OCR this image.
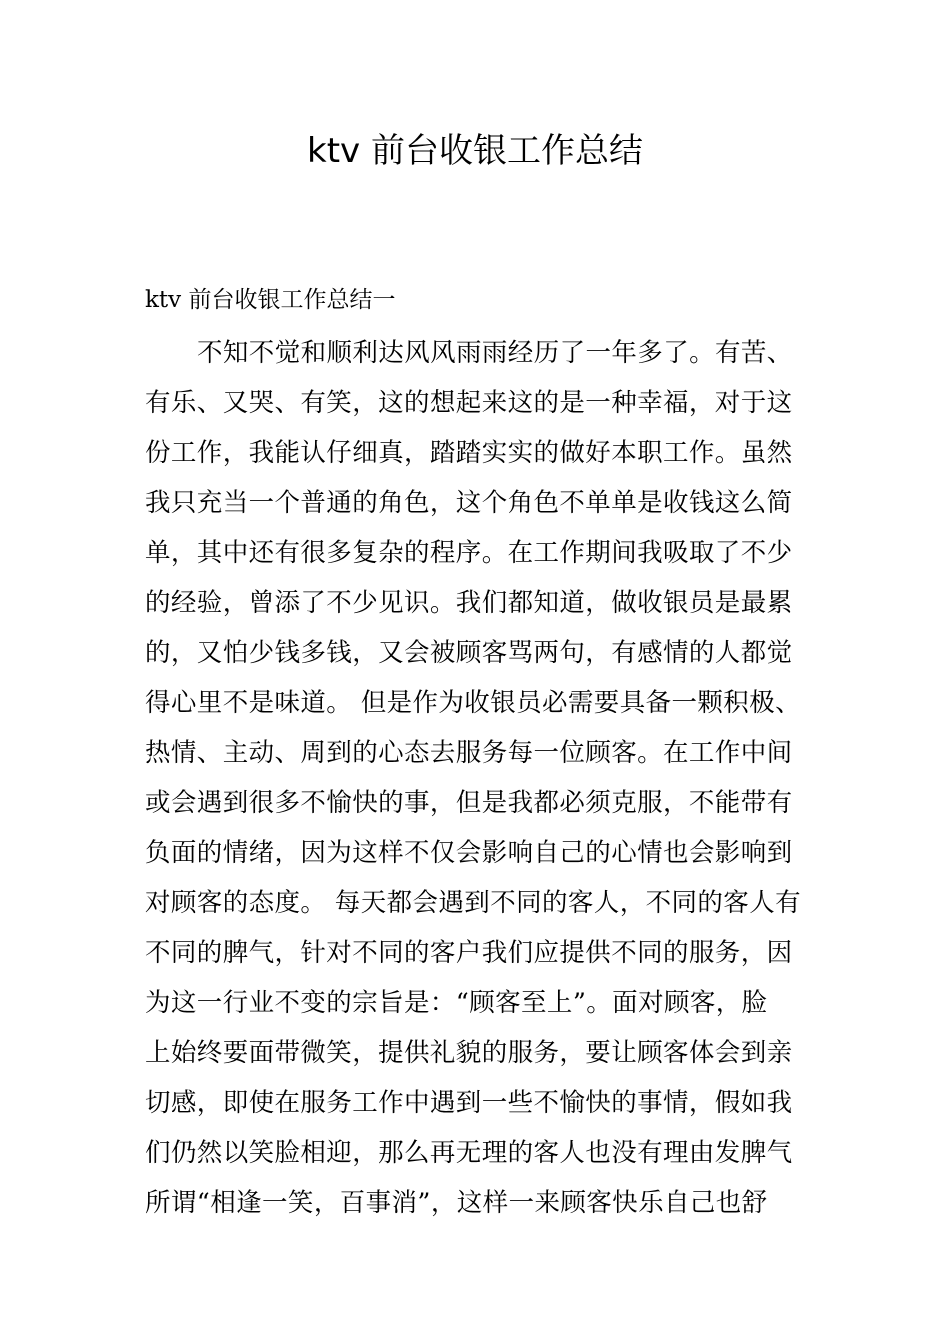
ktv 前台收银工作总结
ktv 前台收银工作总结一
不知不觉和顺利达风风雨雨经历了一年多了。有苦、
有乐、又哭、有笑，这的想起来这的是一种幸福，对于这
份工作，我能认仔细真，踏踏实实的做好本职工作。虽然
我只充当一个普通的角色，这个角色不单单是收钱这么简
单，其中还有很多复杂的程序。在工作期间我吸取了不少
的经验，曾添了不少见识。我们都知道，做收银员是最累
的，又怕少钱多钱，又会被顾客骂两句，有感情的人都觉
得心里不是味道。 但是作为收银员必需要具备一颗积极、
热情、主动、周到的心态去服务每一位顾客。在工作中间
或会遇到很多不愉快的事，但是我都必须克服，不能带有
负面的情绪，因为这样不仅会影响自己的心情也会影响到
对顾客的态度。 每天都会遇到不同的客人，不同的客人有
不同的脾气，针对不同的客户我们应提供不同的服务，因
为这一行业不变的宗旨是：“顾客至上”。面对顾客，脸
上始终要面带微笑，提供礼貌的服务，要让顾客体会到亲
切感，即使在服务工作中遇到一些不愉快的事情，假如我
们仍然以笑脸相迎，那么再无理的客人也没有理由发脾气
所谓“相逢一笑，百事消”，这样一来顾客快乐自己也舒
